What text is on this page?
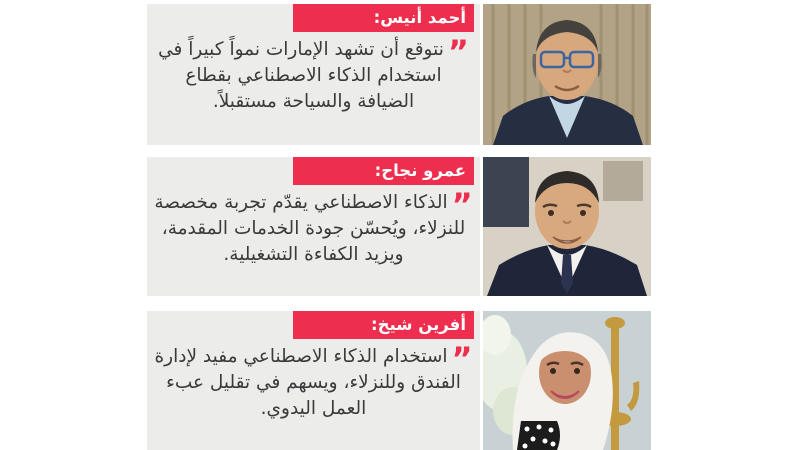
أحمد أنيس:

”نتوقع أن تشهد الإمارات نمواً كبيراً في استخدام الذكاء الاصطناعي بقطاع الضيافة والسياحة مستقبلاً.

عمرو نجاح:

”الذكاء الاصطناعي يقدّم تجربة مخصصة للنزلاء، ويُحسّن جودة الخدمات المقدمة، ويزيد الكفاءة التشغيلية.

أفرين شيخ:

”استخدام الذكاء الاصطناعي مفيد لإدارة الفندق وللنزلاء، ويسهم في تقليل عبء العمل اليدوي.
